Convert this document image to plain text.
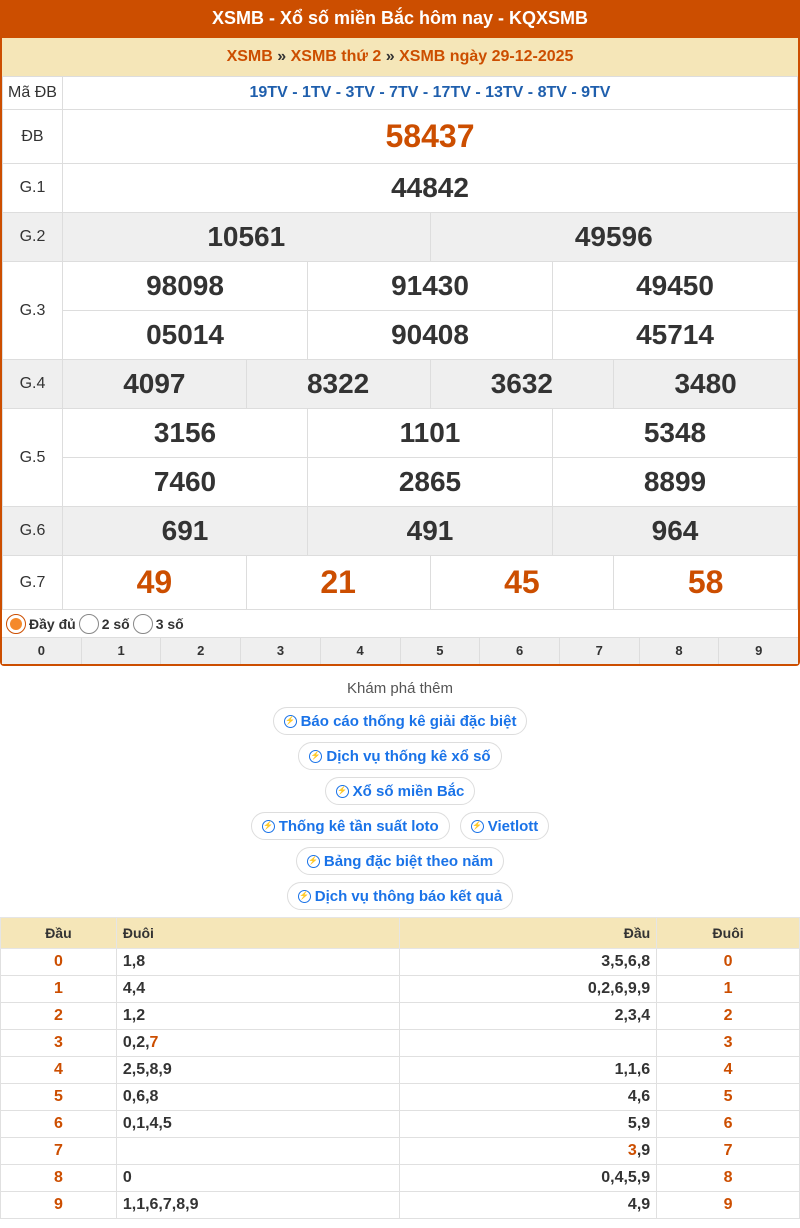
XSMB - Xổ số miền Bắc hôm nay - KQXSMB
XSMB » XSMB thứ 2 » XSMB ngày 29-12-2025
Mã ĐB	19TV - 1TV - 3TV - 7TV - 17TV - 13TV - 8TV - 9TV					
ĐB	58437					
G.1	44842					
G.2	10561			49596		
G.3	98098		91430		49450	
	05014		90408		45714	
G.4	4097	8322		3632		3480
G.5	3156		1101		5348	
	7460		2865		8899	
G.6	691		491		964	
G.7	49	21		45		58
Đầy đủ 2 số 3 số
0	1	2	3	4	5	6	7	8	9
Khám phá thêm
⚡ Báo cáo thống kê giải đặc biệt
⚡ Dịch vụ thống kê xổ số
⚡ Xổ số miền Bắc
⚡ Thống kê tần suất loto	⚡ Vietlott
⚡ Bảng đặc biệt theo năm
⚡ Dịch vụ thông báo kết quả
Đầu	Đuôi	Đầu	Đuôi
0	1,8	3,5,6,8	0
1	4,4	0,2,6,9,9	1
2	1,2	2,3,4	2
3	0,2,7		3
4	2,5,8,9	1,1,6	4
5	0,6,8	4,6	5
6	0,1,4,5	5,9	6
7		3,9	7
8	0	0,4,5,9	8
9	1,1,6,7,8,9	4,9	9
